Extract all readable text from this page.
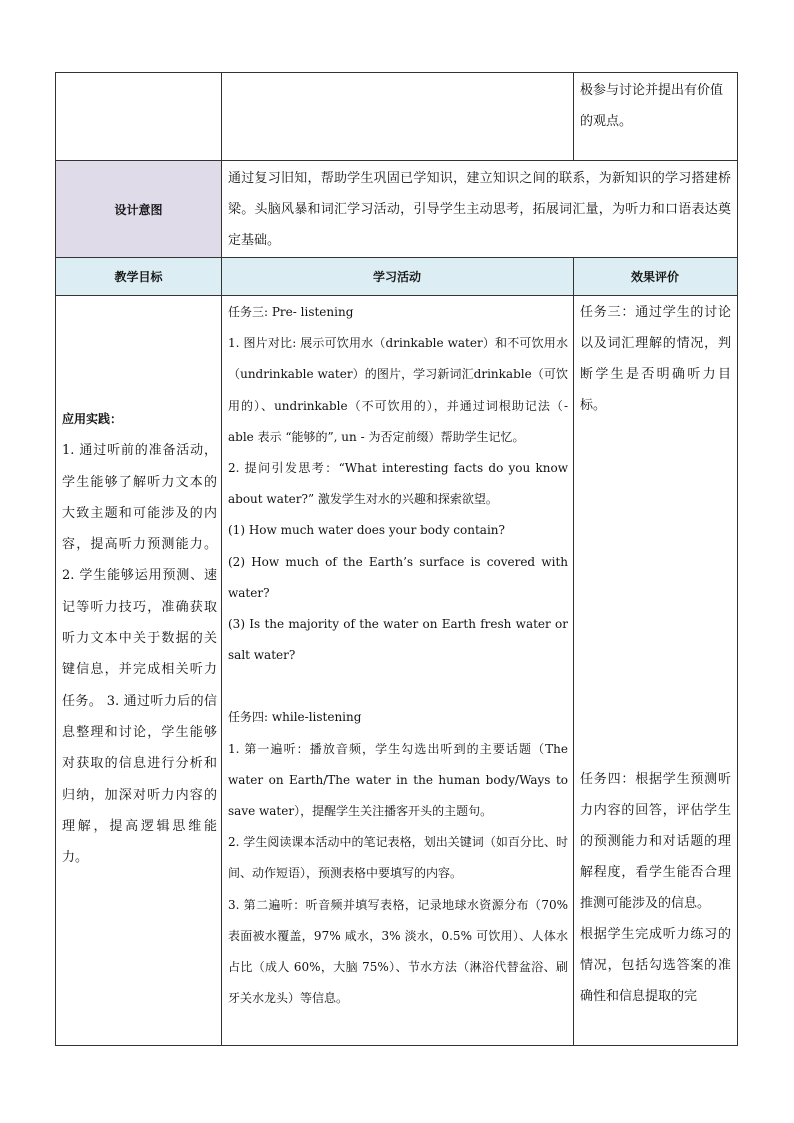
极参与讨论并提出有价值的观点。

设计意图

通过复习旧知，帮助学生巩固已学知识，建立知识之间的联系，为新知识的学习搭建桥梁。头脑风暴和词汇学习活动，引导学生主动思考，拓展词汇量，为听力和口语表达奠定基础。

教学目标	学习活动	效果评价

应用实践：

1. 通过听前的准备活动，学生能够了解听力文本的大致主题和可能涉及的内容，提高听力预测能力。2. 学生能够运用预测、速记等听力技巧，准确获取听力文本中关于数据的关键信息，并完成相关听力任务。 3. 通过听力后的信息整理和讨论，学生能够对获取的信息进行分析和归纳，加深对听力内容的理解，提高逻辑思维能力。

任务三: Pre- listening

1. 图片对比: 展示可饮用水（drinkable water）和不可饮用水（undrinkable water）的图片，学习新词汇drinkable（可饮用的）、undrinkable（不可饮用的），并通过词根助记法（-able 表示 “能够的”, un - 为否定前缀）帮助学生记忆。

2. 提问引发思考：“What interesting facts do you know about water?” 激发学生对水的兴趣和探索欲望。

(1) How much water does your body contain?

(2) How much of the Earth’s surface is covered with water?

(3) Is the majority of the water on Earth fresh water or salt water?

任务四: while-listening

1. 第一遍听：播放音频，学生勾选出听到的主要话题（The water on Earth/The water in the human body/Ways to save water），提醒学生关注播客开头的主题句。

2. 学生阅读课本活动中的笔记表格，划出关键词（如百分比、时间、动作短语），预测表格中要填写的内容。

3. 第二遍听：听音频并填写表格，记录地球水资源分布（70% 表面被水覆盖，97% 咸水，3% 淡水，0.5% 可饮用）、人体水占比（成人 60%，大脑 75%）、节水方法（淋浴代替盆浴、刷牙关水龙头）等信息。

任务三：通过学生的讨论以及词汇理解的情况，判断学生是否明确听力目标。

任务四：根据学生预测听力内容的回答，评估学生的预测能力和对话题的理解程度，看学生能否合理推测可能涉及的信息。

根据学生完成听力练习的情况，包括勾选答案的准确性和信息提取的完
